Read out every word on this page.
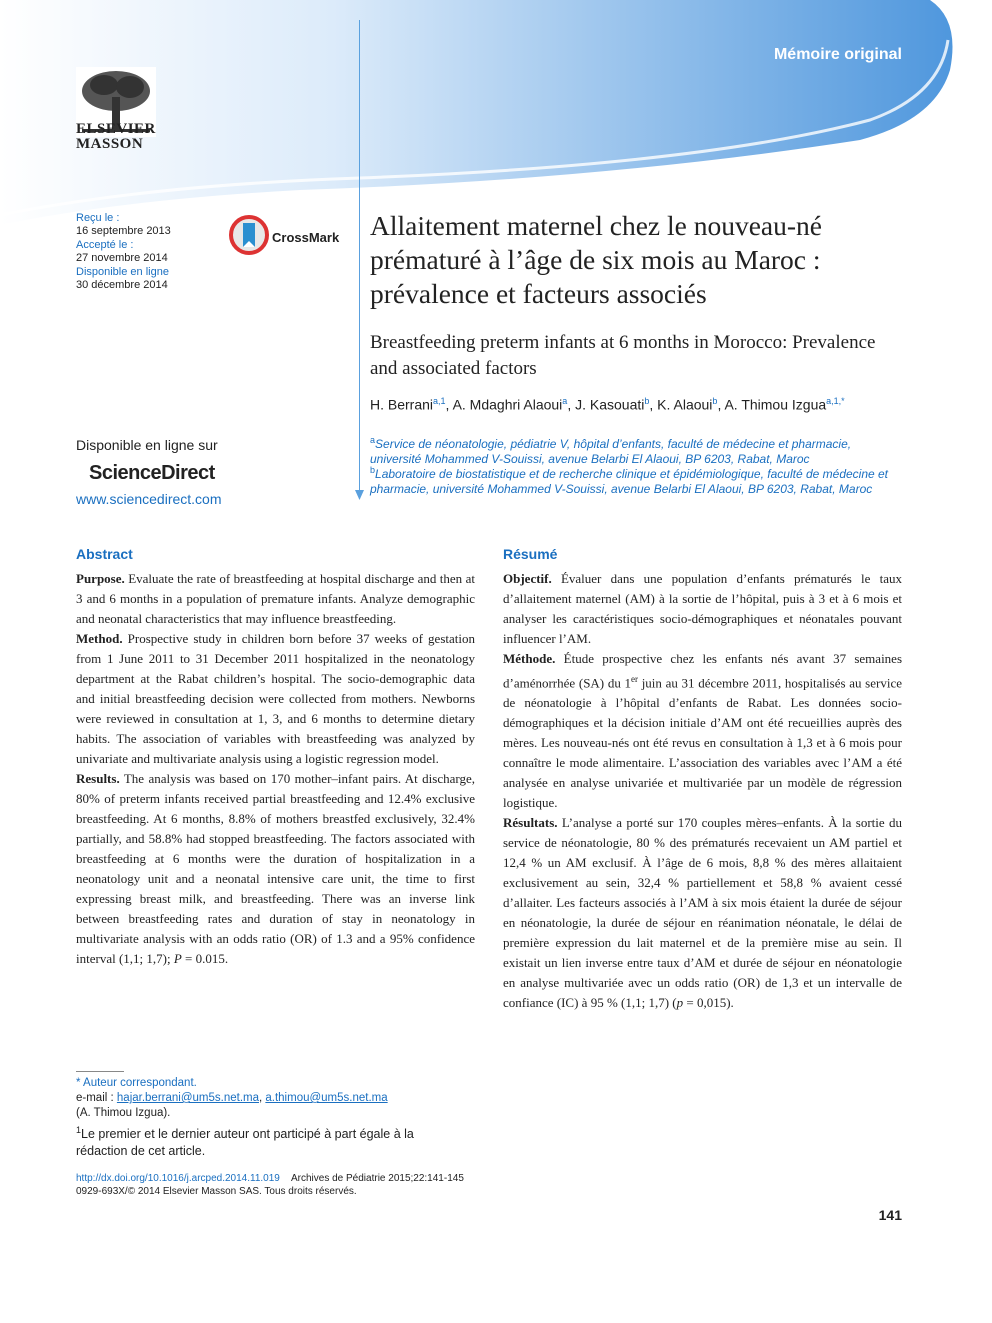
Mémoire original
ELSEVIER
MASSON
Reçu le :
16 septembre 2013
Accepté le :
27 novembre 2014
Disponible en ligne
30 décembre 2014
CrossMark
Disponible en ligne sur
ScienceDirect
www.sciencedirect.com
Allaitement maternel chez le nouveau-né prématuré à l’âge de six mois au Maroc : prévalence et facteurs associés
Breastfeeding preterm infants at 6 months in Morocco: Prevalence and associated factors
H. Berrani$^{a,1}$, A. Mdaghri Alaoui$^a$, J. Kasouati$^b$, K. Alaoui$^b$, A. Thimou Izgua$^{a,1,*}$
$^a$Service de néonatologie, pédiatrie V, hôpital d’enfants, faculté de médecine et pharmacie, université Mohammed V-Souissi, avenue Belarbi El Alaoui, BP 6203, Rabat, Maroc
$^b$Laboratoire de biostatistique et de recherche clinique et épidémiologique, faculté de médecine et pharmacie, université Mohammed V-Souissi, avenue Belarbi El Alaoui, BP 6203, Rabat, Maroc
Abstract

Purpose. Evaluate the rate of breastfeeding at hospital discharge and then at 3 and 6 months in a population of premature infants. Analyze demographic and neonatal characteristics that may influence breastfeeding.

Method. Prospective study in children born before 37 weeks of gestation from 1 June 2011 to 31 December 2011 hospitalized in the neonatology department at the Rabat children’s hospital. The socio-demographic data and initial breastfeeding decision were collected from mothers. Newborns were reviewed in consultation at 1, 3, and 6 months to determine dietary habits. The association of variables with breastfeeding was analyzed by univariate and multivariate analysis using a logistic regression model.

Results. The analysis was based on 170 mother–infant pairs. At discharge, 80% of preterm infants received partial breastfeeding and 12.4% exclusive breastfeeding. At 6 months, 8.8% of mothers breastfed exclusively, 32.4% partially, and 58.8% had stopped breastfeeding. The factors associated with breastfeeding at 6 months were the duration of hospitalization in a neonatology unit and a neonatal intensive care unit, the time to first expressing breast milk, and breastfeeding. There was an inverse link between breastfeeding rates and duration of stay in neonatology in multivariate analysis with an odds ratio (OR) of 1.3 and a 95% confidence interval (1,1; 1,7); P = 0.015.

Résumé

Objectif. Évaluer dans une population d’enfants prématurés le taux d’allaitement maternel (AM) à la sortie de l’hôpital, puis à 3 et à 6 mois et analyser les caractéristiques socio-démographiques et néonatales pouvant influencer l’AM.

Méthode. Étude prospective chez les enfants nés avant 37 semaines d’aménorrhée (SA) du 1er juin au 31 décembre 2011, hospitalisés au service de néonatologie à l’hôpital d’enfants de Rabat. Les données socio-démographiques et la décision initiale d’AM ont été recueillies auprès des mères. Les nouveau-nés ont été revus en consultation à 1,3 et à 6 mois pour connaître le mode alimentaire. L’association des variables avec l’AM a été analysée en analyse univariée et multivariée par un modèle de régression logistique.

Résultats. L’analyse a porté sur 170 couples mères–enfants. À la sortie du service de néonatologie, 80 % des prématurés recevaient un AM partiel et 12,4 % un AM exclusif. À l’âge de 6 mois, 8,8 % des mères allaitaient exclusivement au sein, 32,4 % partiellement et 58,8 % avaient cessé d’allaiter. Les facteurs associés à l’AM à six mois étaient la durée de séjour en néonatologie, la durée de séjour en réanimation néonatale, le délai de première expression du lait maternel et de la première mise au sein. Il existait un lien inverse entre taux d’AM et durée de séjour en néonatologie en analyse multivariée avec un odds ratio (OR) de 1,3 et un intervalle de confiance (IC) à 95 % (1,1; 1,7) (p = 0,015).

* Auteur correspondant.
e-mail : hajar.berrani@um5s.net.ma, a.thimou@um5s.net.ma
(A. Thimou Izgua).
$^1$Le premier et le dernier auteur ont participé à part égale à la rédaction de cet article.
http://dx.doi.org/10.1016/j.arcped.2014.11.019 Archives de Pédiatrie 2015;22:141-145
0929-693X/© 2014 Elsevier Masson SAS. Tous droits réservés.
141
